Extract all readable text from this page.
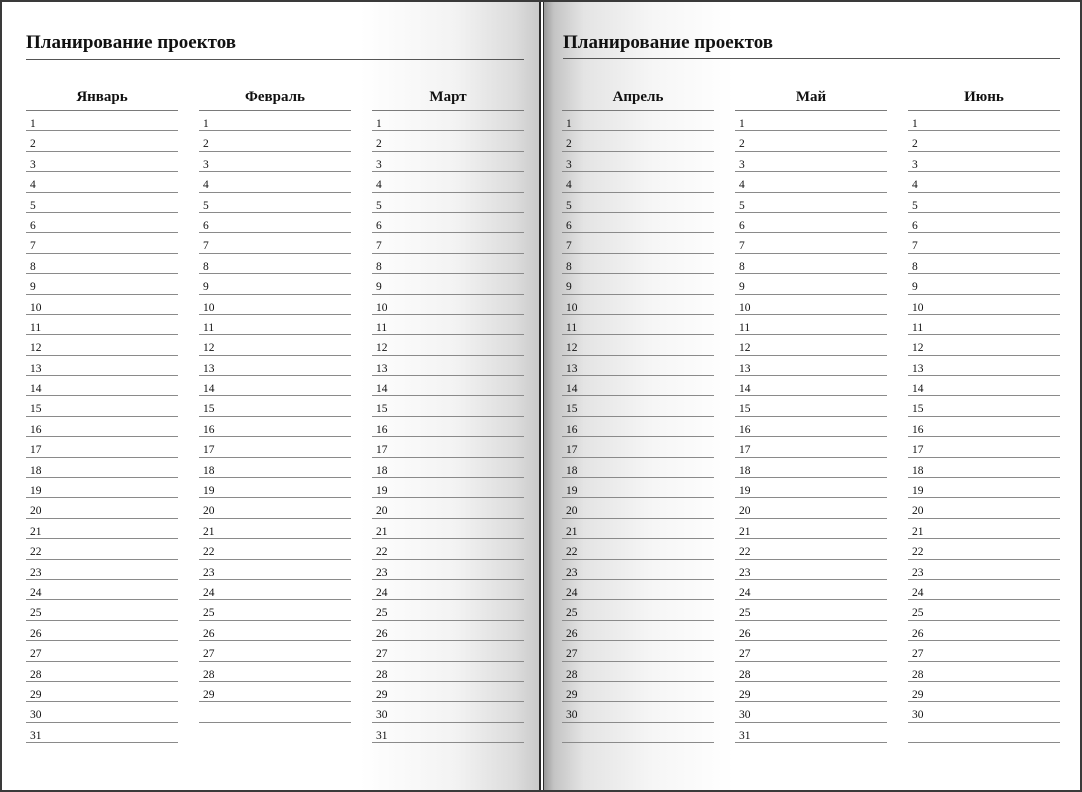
Планирование проектов
Январь
1
2
3
4
5
6
7
8
9
10
11
12
13
14
15
16
17
18
19
20
21
22
23
24
25
26
27
28
29
30
31
Февраль
1
2
3
4
5
6
7
8
9
10
11
12
13
14
15
16
17
18
19
20
21
22
23
24
25
26
27
28
29
Март
1
2
3
4
5
6
7
8
9
10
11
12
13
14
15
16
17
18
19
20
21
22
23
24
25
26
27
28
29
30
31
Планирование проектов
Апрель
1
2
3
4
5
6
7
8
9
10
11
12
13
14
15
16
17
18
19
20
21
22
23
24
25
26
27
28
29
30
Май
1
2
3
4
5
6
7
8
9
10
11
12
13
14
15
16
17
18
19
20
21
22
23
24
25
26
27
28
29
30
31
Июнь
1
2
3
4
5
6
7
8
9
10
11
12
13
14
15
16
17
18
19
20
21
22
23
24
25
26
27
28
29
30
